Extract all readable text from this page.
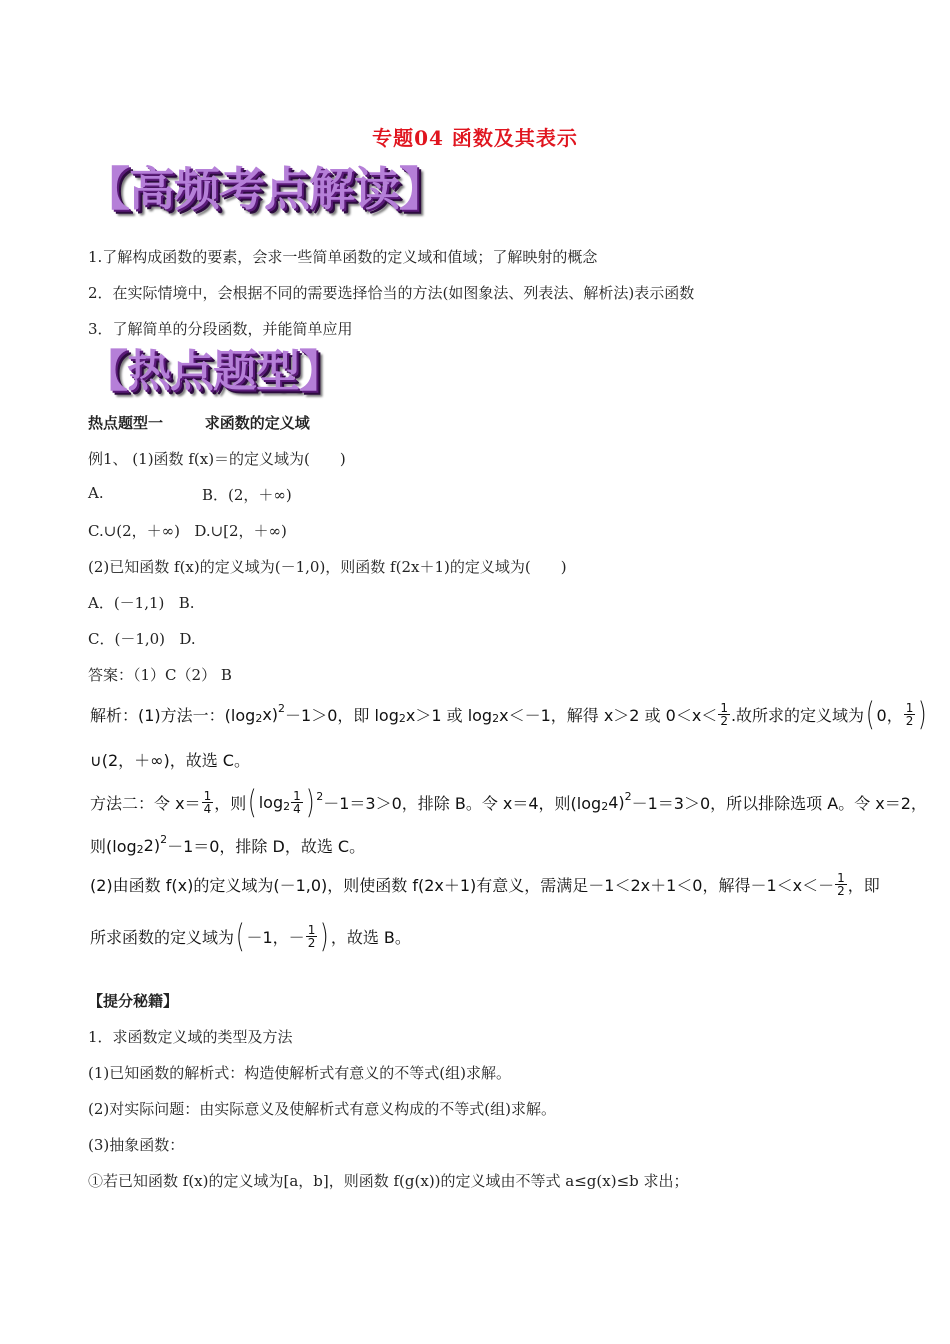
专题04 函数及其表示
【高频考点解读】
1.了解构成函数的要素，会求一些简单函数的定义域和值域；了解映射的概念
2．在实际情境中，会根据不同的需要选择恰当的方法(如图象法、列表法、解析法)表示函数
3．了解简单的分段函数，并能简单应用
【热点题型】
热点题型一        求函数的定义域
例1、 (1)函数 f(x)＝的定义域为(　　)
A.	B．(2，＋∞)
C.∪(2，＋∞)   D.∪[2，＋∞)
(2)已知函数 f(x)的定义域为(－1,0)，则函数 f(2x＋1)的定义域为(　　)
A．(－1,1)   B.
C．(－1,0)   D.
答案：（1）C（2） B
解析：(1)方法一：(log 2 x) 2 －1＞0，即 log 2 x＞1 或 log 2 x＜－1，解得 x＞2 或 $0<x< \frac{1}{2}$ .故所求的定义域为 ( 0， $\frac{1}{2}$ )
∪(2，＋∞)，故选 C。
方法二：令 $x= \frac{1}{4}$ ，则 ( $\log 2 \frac{1}{4}$ ) 2 －1＝3＞0，排除 B。令 x＝4，则(log 2 4) 2 －1＝3＞0，所以排除选项 A。令 x＝2，
则(log 2 2) 2 －1＝0，排除 D，故选 C。
(2)由函数 f(x)的定义域为(－1,0)，则使函数 f(2x＋1)有意义，需满足－1＜2x＋1＜0，解得$-1<x<- \frac{1}{2}$ ，即
所求函数的定义域为 ( －1，－ $\frac{1}{2}$ ) ，故选 B。
【提分秘籍】
1．求函数定义域的类型及方法
(1)已知函数的解析式：构造使解析式有意义的不等式(组)求解。
(2)对实际问题：由实际意义及使解析式有意义构成的不等式(组)求解。
(3)抽象函数：
①若已知函数 f(x)的定义域为[a，b]，则函数 f(g(x))的定义域由不等式 a≤g(x)≤b 求出；
